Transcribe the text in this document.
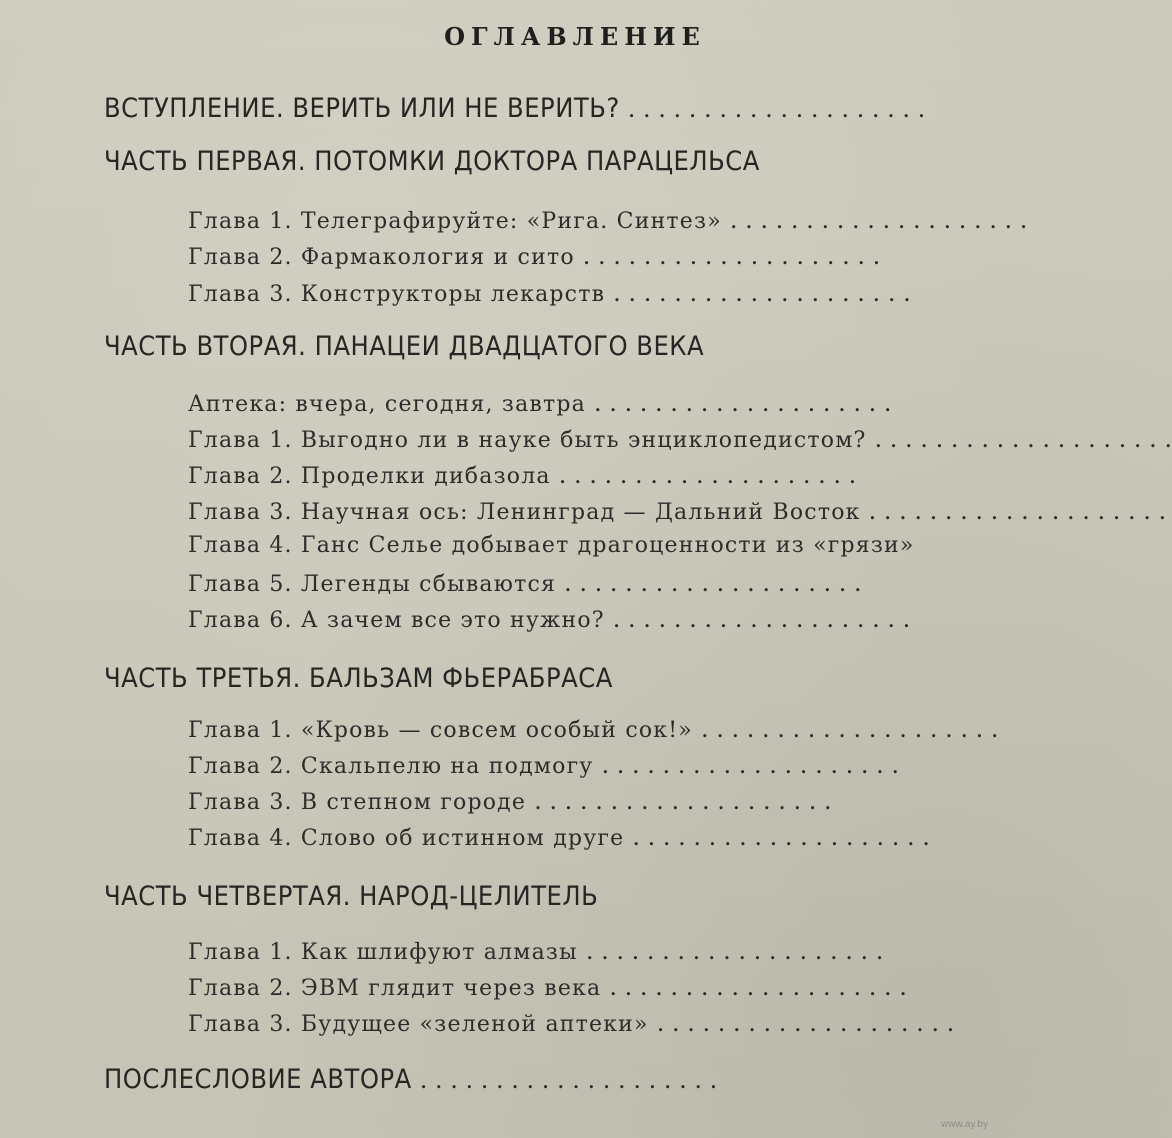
ОГЛАВЛЕНИЕ
ВСТУПЛЕНИЕ. ВЕРИТЬ ИЛИ НЕ ВЕРИТЬ? . . . . . . . . . . . . . . . . . . . .
ЧАСТЬ ПЕРВАЯ. ПОТОМКИ ДОКТОРА ПАРАЦЕЛЬСА
Глава 1. Телеграфируйте: «Рига. Синтез» . . . . . . . . . . . . . . . . . . . .
Глава 2. Фармакология и сито . . . . . . . . . . . . . . . . . . . .
Глава 3. Конструкторы лекарств . . . . . . . . . . . . . . . . . . . .
ЧАСТЬ ВТОРАЯ. ПАНАЦЕИ ДВАДЦАТОГО ВЕКА
Аптека: вчера, сегодня, завтра . . . . . . . . . . . . . . . . . . . .
Глава 1. Выгодно ли в науке быть энциклопедистом? . . . . . . . . . . . . . . . . . . . .
Глава 2. Проделки дибазола . . . . . . . . . . . . . . . . . . . .
Глава 3. Научная ось: Ленинград — Дальний Восток . . . . . . . . . . . . . . . . . . . .
Глава 4. Ганс Селье добывает драгоценности из «грязи»
Глава 5. Легенды сбываются . . . . . . . . . . . . . . . . . . . .
Глава 6. А зачем все это нужно? . . . . . . . . . . . . . . . . . . . .
ЧАСТЬ ТРЕТЬЯ. БАЛЬЗАМ ФЬЕРАБРАСА
Глава 1. «Кровь — совсем особый сок!» . . . . . . . . . . . . . . . . . . . .
Глава 2. Скальпелю на подмогу . . . . . . . . . . . . . . . . . . . .
Глава 3. В степном городе . . . . . . . . . . . . . . . . . . . .
Глава 4. Слово об истинном друге . . . . . . . . . . . . . . . . . . . .
ЧАСТЬ ЧЕТВЕРТАЯ. НАРОД-ЦЕЛИТЕЛЬ
Глава 1. Как шлифуют алмазы . . . . . . . . . . . . . . . . . . . .
Глава 2. ЭВМ глядит через века . . . . . . . . . . . . . . . . . . . .
Глава 3. Будущее «зеленой аптеки» . . . . . . . . . . . . . . . . . . . .
ПОСЛЕСЛОВИЕ АВТОРА . . . . . . . . . . . . . . . . . . . .
www.ay.by
